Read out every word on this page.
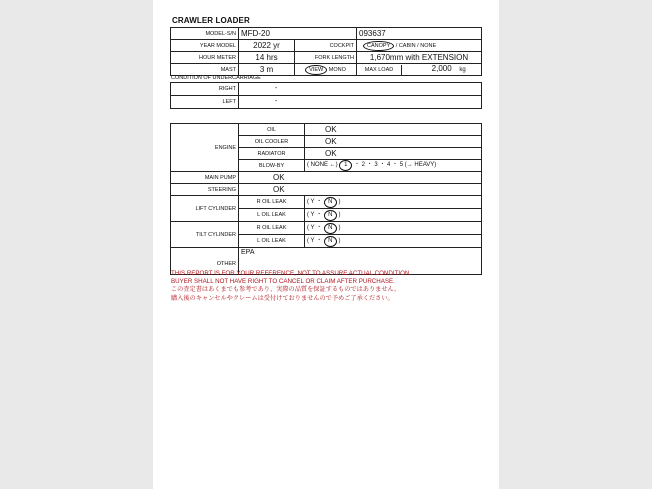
CRAWLER LOADER
MODEL-S/N	MFD-20		093637
YEAR MODEL	2022 yr	COCKPIT	CANOPY / CABIN / NONE
HOUR METER	14 hrs	FORK LENGTH	1,670mm with EXTENSION
MAST	3 m	VIEW MONO	MAX LOAD 2,000 kg
CONDITION OF UNDERCARRIAGE
RIGHT	-
LEFT	-
ENGINE	OIL	OK
	OIL COOLER	OK
	RADIATOR	OK
	BLOW-BY	( NONE ←) 1 ・ 2 ・ 3 ・ 4 ・ 5 (→ HEAVY)
MAIN PUMP	OK	
STEERING	OK	
LIFT CYLINDER	R OIL LEAK	( Y ・ N )
	L OIL LEAK	( Y ・ N )
TILT CYLINDER	R OIL LEAK	( Y ・ N )
	L OIL LEAK	( Y ・ N )
OTHER	EPA	
THIS REPORT IS FOR YOUR REFERENCE, NOT TO ASSURE ACTUAL CONDITION.
BUYER SHALL NOT HAVE RIGHT TO CANCEL OR CLAIM AFTER PURCHASE.
この査定書はあくまでも参考であり、実際の品質を保証するものではありません。
購入後のキャンセルやクレームは受付けておりませんので予めご了承ください。
